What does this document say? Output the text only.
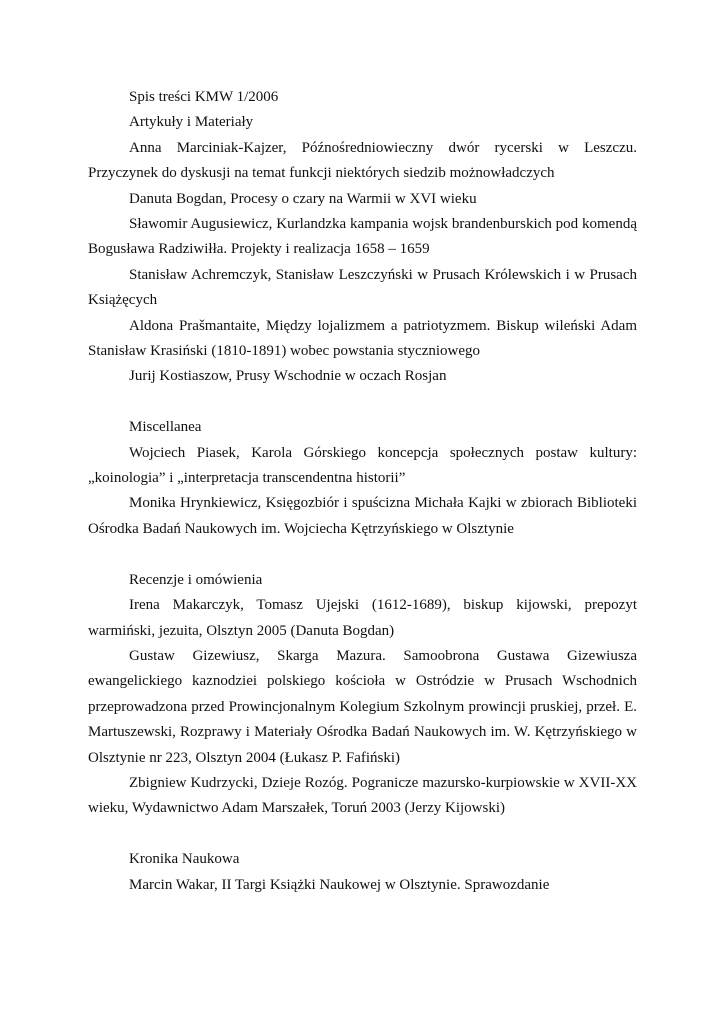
Spis treści KMW 1/2006

Artykuły i Materiały

Anna Marciniak-Kajzer, Późnośredniowieczny dwór rycerski w Leszczu. Przyczynek do dyskusji na temat funkcji niektórych siedzib możnowładczych

Danuta Bogdan, Procesy o czary na Warmii w XVI wieku

Sławomir Augusiewicz, Kurlandzka kampania wojsk brandenburskich pod komendą Bogusława Radziwiłła. Projekty i realizacja 1658 – 1659

Stanisław Achremczyk, Stanisław Leszczyński w Prusach Królewskich i w Prusach Książęcych

Aldona Prašmantaite, Między lojalizmem a patriotyzmem. Biskup wileński Adam Stanisław Krasiński (1810-1891) wobec powstania styczniowego

Jurij Kostiaszow, Prusy Wschodnie w oczach Rosjan

Miscellanea

Wojciech Piasek, Karola Górskiego koncepcja społecznych postaw kultury: „koinologia” i „interpretacja transcendentna historii”

Monika Hrynkiewicz, Księgozbiór i spuścizna Michała Kajki w zbiorach Biblioteki Ośrodka Badań Naukowych im. Wojciecha Kętrzyńskiego w Olsztynie

Recenzje i omówienia

Irena Makarczyk, Tomasz Ujejski (1612-1689), biskup kijowski, prepozyt warmiński, jezuita, Olsztyn 2005 (Danuta Bogdan)

Gustaw Gizewiusz, Skarga Mazura. Samoobrona Gustawa Gizewiusza ewangelickiego kaznodziei polskiego kościoła w Ostródzie w Prusach Wschodnich przeprowadzona przed Prowincjonalnym Kolegium Szkolnym prowincji pruskiej, przeł. E. Martuszewski, Rozprawy i Materiały Ośrodka Badań Naukowych im. W. Kętrzyńskiego w Olsztynie nr 223, Olsztyn 2004 (Łukasz P. Fafiński)

Zbigniew Kudrzycki, Dzieje Rozóg. Pogranicze mazursko-kurpiowskie w XVII-XX wieku, Wydawnictwo Adam Marszałek, Toruń 2003 (Jerzy Kijowski)

Kronika Naukowa

Marcin Wakar, II Targi Książki Naukowej w Olsztynie. Sprawozdanie
